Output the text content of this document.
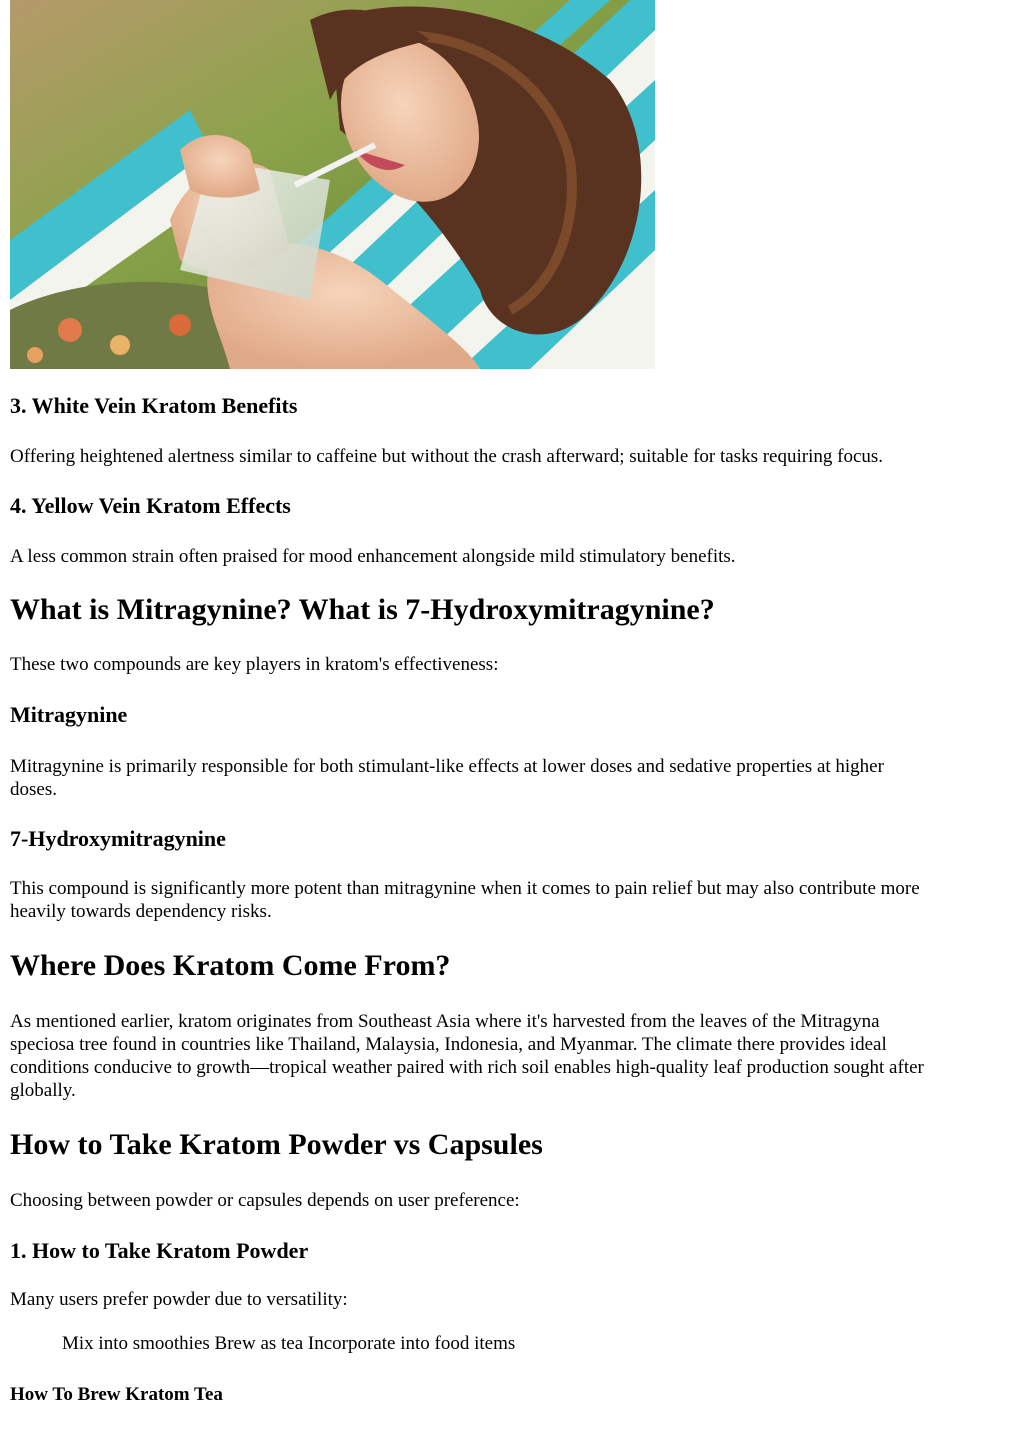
3. White Vein Kratom Benefits

Offering heightened alertness similar to caffeine but without the crash afterward; suitable for tasks requiring focus.

4. Yellow Vein Kratom Effects

A less common strain often praised for mood enhancement alongside mild stimulatory benefits.

What is Mitragynine? What is 7-Hydroxymitragynine?

These two compounds are key players in kratom's effectiveness:

Mitragynine

Mitragynine is primarily responsible for both stimulant-like effects at lower doses and sedative properties at higher

doses.

7-Hydroxymitragynine

This compound is significantly more potent than mitragynine when it comes to pain relief but may also contribute more

heavily towards dependency risks.

Where Does Kratom Come From?

As mentioned earlier, kratom originates from Southeast Asia where it's harvested from the leaves of the Mitragyna

speciosa tree found in countries like Thailand, Malaysia, Indonesia, and Myanmar. The climate there provides ideal

conditions conducive to growth—tropical weather paired with rich soil enables high-quality leaf production sought after

globally.

How to Take Kratom Powder vs Capsules

Choosing between powder or capsules depends on user preference:

1. How to Take Kratom Powder

Many users prefer powder due to versatility:

Mix into smoothies Brew as tea Incorporate into food items
How To Brew Kratom Tea
